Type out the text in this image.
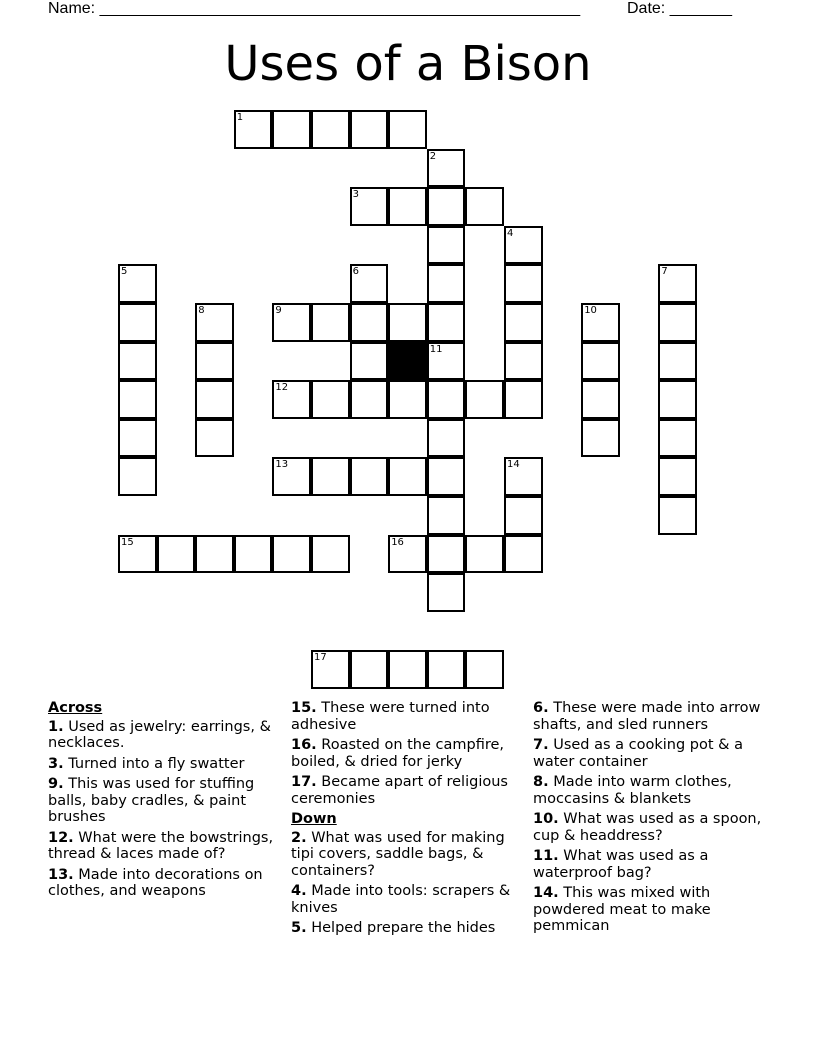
Name: ______________________________________________________	Date: _______
Uses of a Bison
1
3
9
12
13
15	16
17
2
11
4
5	6	7
8	10
14
Across
1. Used as jewelry: earrings, & necklaces.
3. Turned into a fly swatter
9. This was used for stuffing balls, baby cradles, & paint brushes
12. What were the bowstrings, thread & laces made of?
13. Made into decorations on clothes, and weapons
15. These were turned into adhesive
16. Roasted on the campfire, boiled, & dried for jerky
17. Became apart of religious ceremonies
Down
2. What was used for making tipi covers, saddle bags, & containers?
4. Made into tools: scrapers & knives
5. Helped prepare the hides
6. These were made into arrow shafts, and sled runners
7. Used as a cooking pot & a water container
8. Made into warm clothes, moccasins & blankets
10. What was used as a spoon, cup & headdress?
11. What was used as a waterproof bag?
14. This was mixed with powdered meat to make pemmican
